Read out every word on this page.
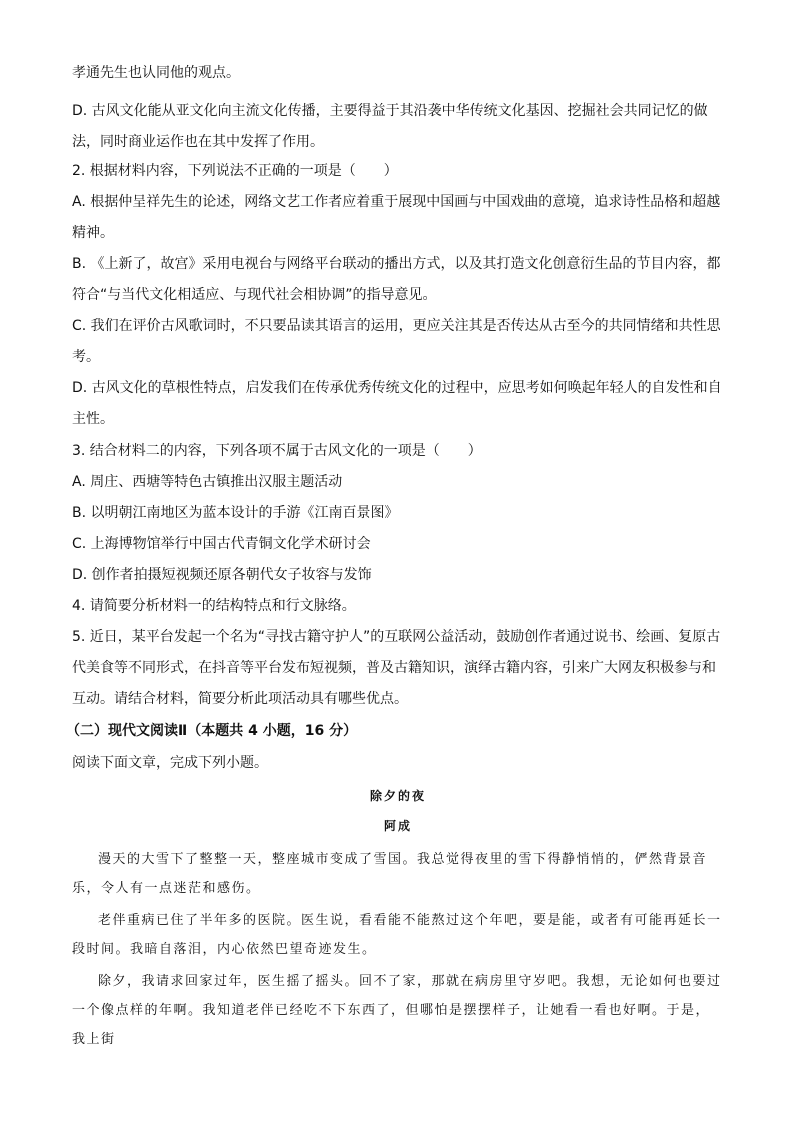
孝通先生也认同他的观点。

D. 古风文化能从亚文化向主流文化传播，主要得益于其沿袭中华传统文化基因、挖掘社会共同记忆的做法，同时商业运作也在其中发挥了作用。

2. 根据材料内容，下列说法不正确的一项是（　　）

A. 根据仲呈祥先生的论述，网络文艺工作者应着重于展现中国画与中国戏曲的意境，追求诗性品格和超越精神。

B. 《上新了，故宫》采用电视台与网络平台联动的播出方式，以及其打造文化创意衍生品的节目内容，都符合“与当代文化相适应、与现代社会相协调”的指导意见。

C. 我们在评价古风歌词时，不只要品读其语言的运用，更应关注其是否传达从古至今的共同情绪和共性思考。

D. 古风文化的草根性特点，启发我们在传承优秀传统文化的过程中，应思考如何唤起年轻人的自发性和自主性。

3. 结合材料二的内容，下列各项不属于古风文化的一项是（　　）

A. 周庄、西塘等特色古镇推出汉服主题活动

B. 以明朝江南地区为蓝本设计的手游《江南百景图》

C. 上海博物馆举行中国古代青铜文化学术研讨会

D. 创作者拍摄短视频还原各朝代女子妆容与发饰

4. 请简要分析材料一的结构特点和行文脉络。

5. 近日，某平台发起一个名为“寻找古籍守护人”的互联网公益活动，鼓励创作者通过说书、绘画、复原古代美食等不同形式，在抖音等平台发布短视频，普及古籍知识，演绎古籍内容，引来广大网友积极参与和互动。请结合材料，简要分析此项活动具有哪些优点。

（二）现代文阅读Ⅱ（本题共 4 小题，16 分）

阅读下面文章，完成下列小题。

除夕的夜
阿成

漫天的大雪下了整整一天，整座城市变成了雪国。我总觉得夜里的雪下得静悄悄的，俨然背景音乐，令人有一点迷茫和感伤。

老伴重病已住了半年多的医院。医生说，看看能不能熬过这个年吧，要是能，或者有可能再延长一段时间。我暗自落泪，内心依然巴望奇迹发生。

除夕，我请求回家过年，医生摇了摇头。回不了家，那就在病房里守岁吧。我想，无论如何也要过一个像点样的年啊。我知道老伴已经吃不下东西了，但哪怕是摆摆样子，让她看一看也好啊。于是，我上街
